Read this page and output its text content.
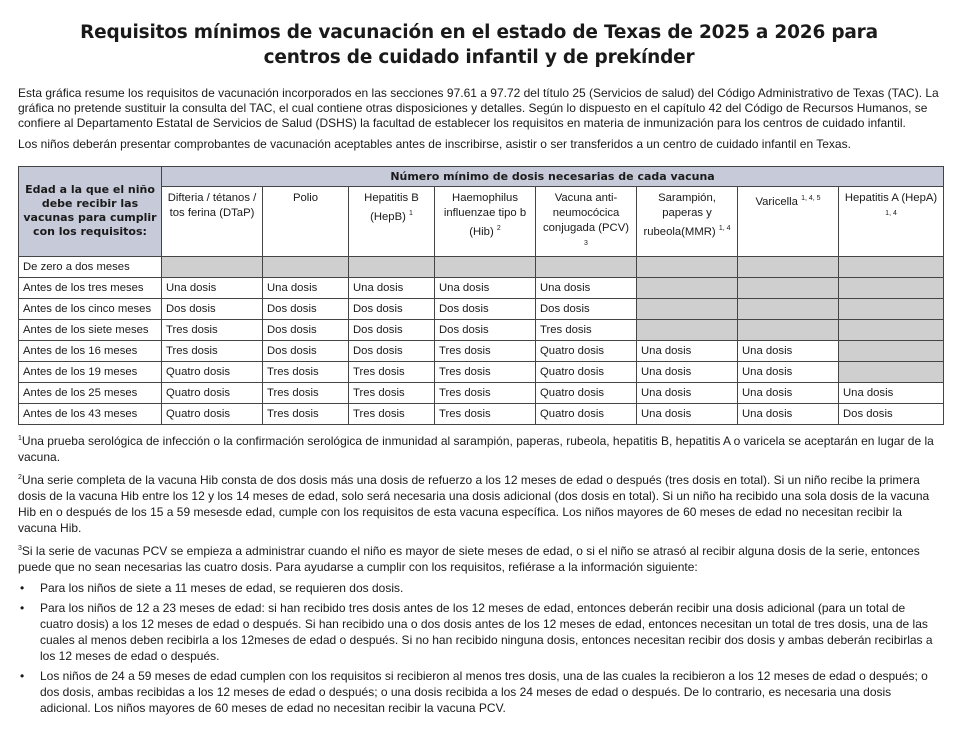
Requisitos mínimos de vacunación en el estado de Texas de 2025 a 2026 para centros de cuidado infantil y de prekínder

Esta gráfica resume los requisitos de vacunación incorporados en las secciones 97.61 a 97.72 del título 25 (Servicios de salud) del Código Administrativo de Texas (TAC). La gráfica no pretende sustituir la consulta del TAC, el cual contiene otras disposiciones y detalles. Según lo dispuesto en el capítulo 42 del Código de Recursos Humanos, se confiere al Departamento Estatal de Servicios de Salud (DSHS) la facultad de establecer los requisitos en materia de inmunización para los centros de cuidado infantil.

Los niños deberán presentar comprobantes de vacunación aceptables antes de inscribirse, asistir o ser transferidos a un centro de cuidado infantil en Texas.

Edad a la que el niño debe recibir las vacunas para cumplir con los requisitos:	Número mínimo de dosis necesarias de cada vacuna							
	Difteria / tétanos / tos ferina (DTaP)	Polio	Hepatitis B (HepB) $^1$	Haemophilus influenzae tipo b (Hib) $^2$	Vacuna anti-neumocócica conjugada (PCV) $^3$	Sarampión, paperas y rubeola(MMR) $^{1, 4}$	Varicella $^{1, 4, 5}$	Hepatitis A (HepA) $^{1, 4}$
De zero a dos meses								
Antes de los tres meses	Una dosis	Una dosis	Una dosis	Una dosis	Una dosis			
Antes de los cinco meses	Dos dosis	Dos dosis	Dos dosis	Dos dosis	Dos dosis			
Antes de los siete meses	Tres dosis	Dos dosis	Dos dosis	Dos dosis	Tres dosis			
Antes de los 16 meses	Tres dosis	Dos dosis	Dos dosis	Tres dosis	Quatro dosis	Una dosis	Una dosis	
Antes de los 19 meses	Quatro dosis	Tres dosis	Tres dosis	Tres dosis	Quatro dosis	Una dosis	Una dosis	
Antes de los 25 meses	Quatro dosis	Tres dosis	Tres dosis	Tres dosis	Quatro dosis	Una dosis	Una dosis	Una dosis
Antes de los 43 meses	Quatro dosis	Tres dosis	Tres dosis	Tres dosis	Quatro dosis	Una dosis	Una dosis	Dos dosis

$^1$Una prueba serológica de infección o la confirmación serológica de inmunidad al sarampión, paperas, rubeola, hepatitis B, hepatitis A o varicela se aceptarán en lugar de la vacuna.

$^2$Una serie completa de la vacuna Hib consta de dos dosis más una dosis de refuerzo a los 12 meses de edad o después (tres dosis en total). Si un niño recibe la primera dosis de la vacuna Hib entre los 12 y los 14 meses de edad, solo será necesaria una dosis adicional (dos dosis en total). Si un niño ha recibido una sola dosis de la vacuna Hib en o después de los 15 a 59 mesesde edad, cumple con los requisitos de esta vacuna específica. Los niños mayores de 60 meses de edad no necesitan recibir la vacuna Hib.

$^3$Si la serie de vacunas PCV se empieza a administrar cuando el niño es mayor de siete meses de edad, o si el niño se atrasó al recibir alguna dosis de la serie, entonces puede que no sean necesarias las cuatro dosis. Para ayudarse a cumplir con los requisitos, refiérase a la información siguiente:

• Para los niños de siete a 11 meses de edad, se requieren dos dosis.
• Para los niños de 12 a 23 meses de edad: si han recibido tres dosis antes de los 12 meses de edad, entonces deberán recibir una dosis adicional (para un total de cuatro dosis) a los 12 meses de edad o después. Si han recibido una o dos dosis antes de los 12 meses de edad, entonces necesitan un total de tres dosis, una de las cuales al menos deben recibirla a los 12meses de edad o después. Si no han recibido ninguna dosis, entonces necesitan recibir dos dosis y ambas deberán recibirlas a los 12 meses de edad o después.
• Los niños de 24 a 59 meses de edad cumplen con los requisitos si recibieron al menos tres dosis, una de las cuales la recibieron a los 12 meses de edad o después; o dos dosis, ambas recibidas a los 12 meses de edad o después; o una dosis recibida a los 24 meses de edad o después. De lo contrario, es necesaria una dosis adicional. Los niños mayores de 60 meses de edad no necesitan recibir la vacuna PCV.
